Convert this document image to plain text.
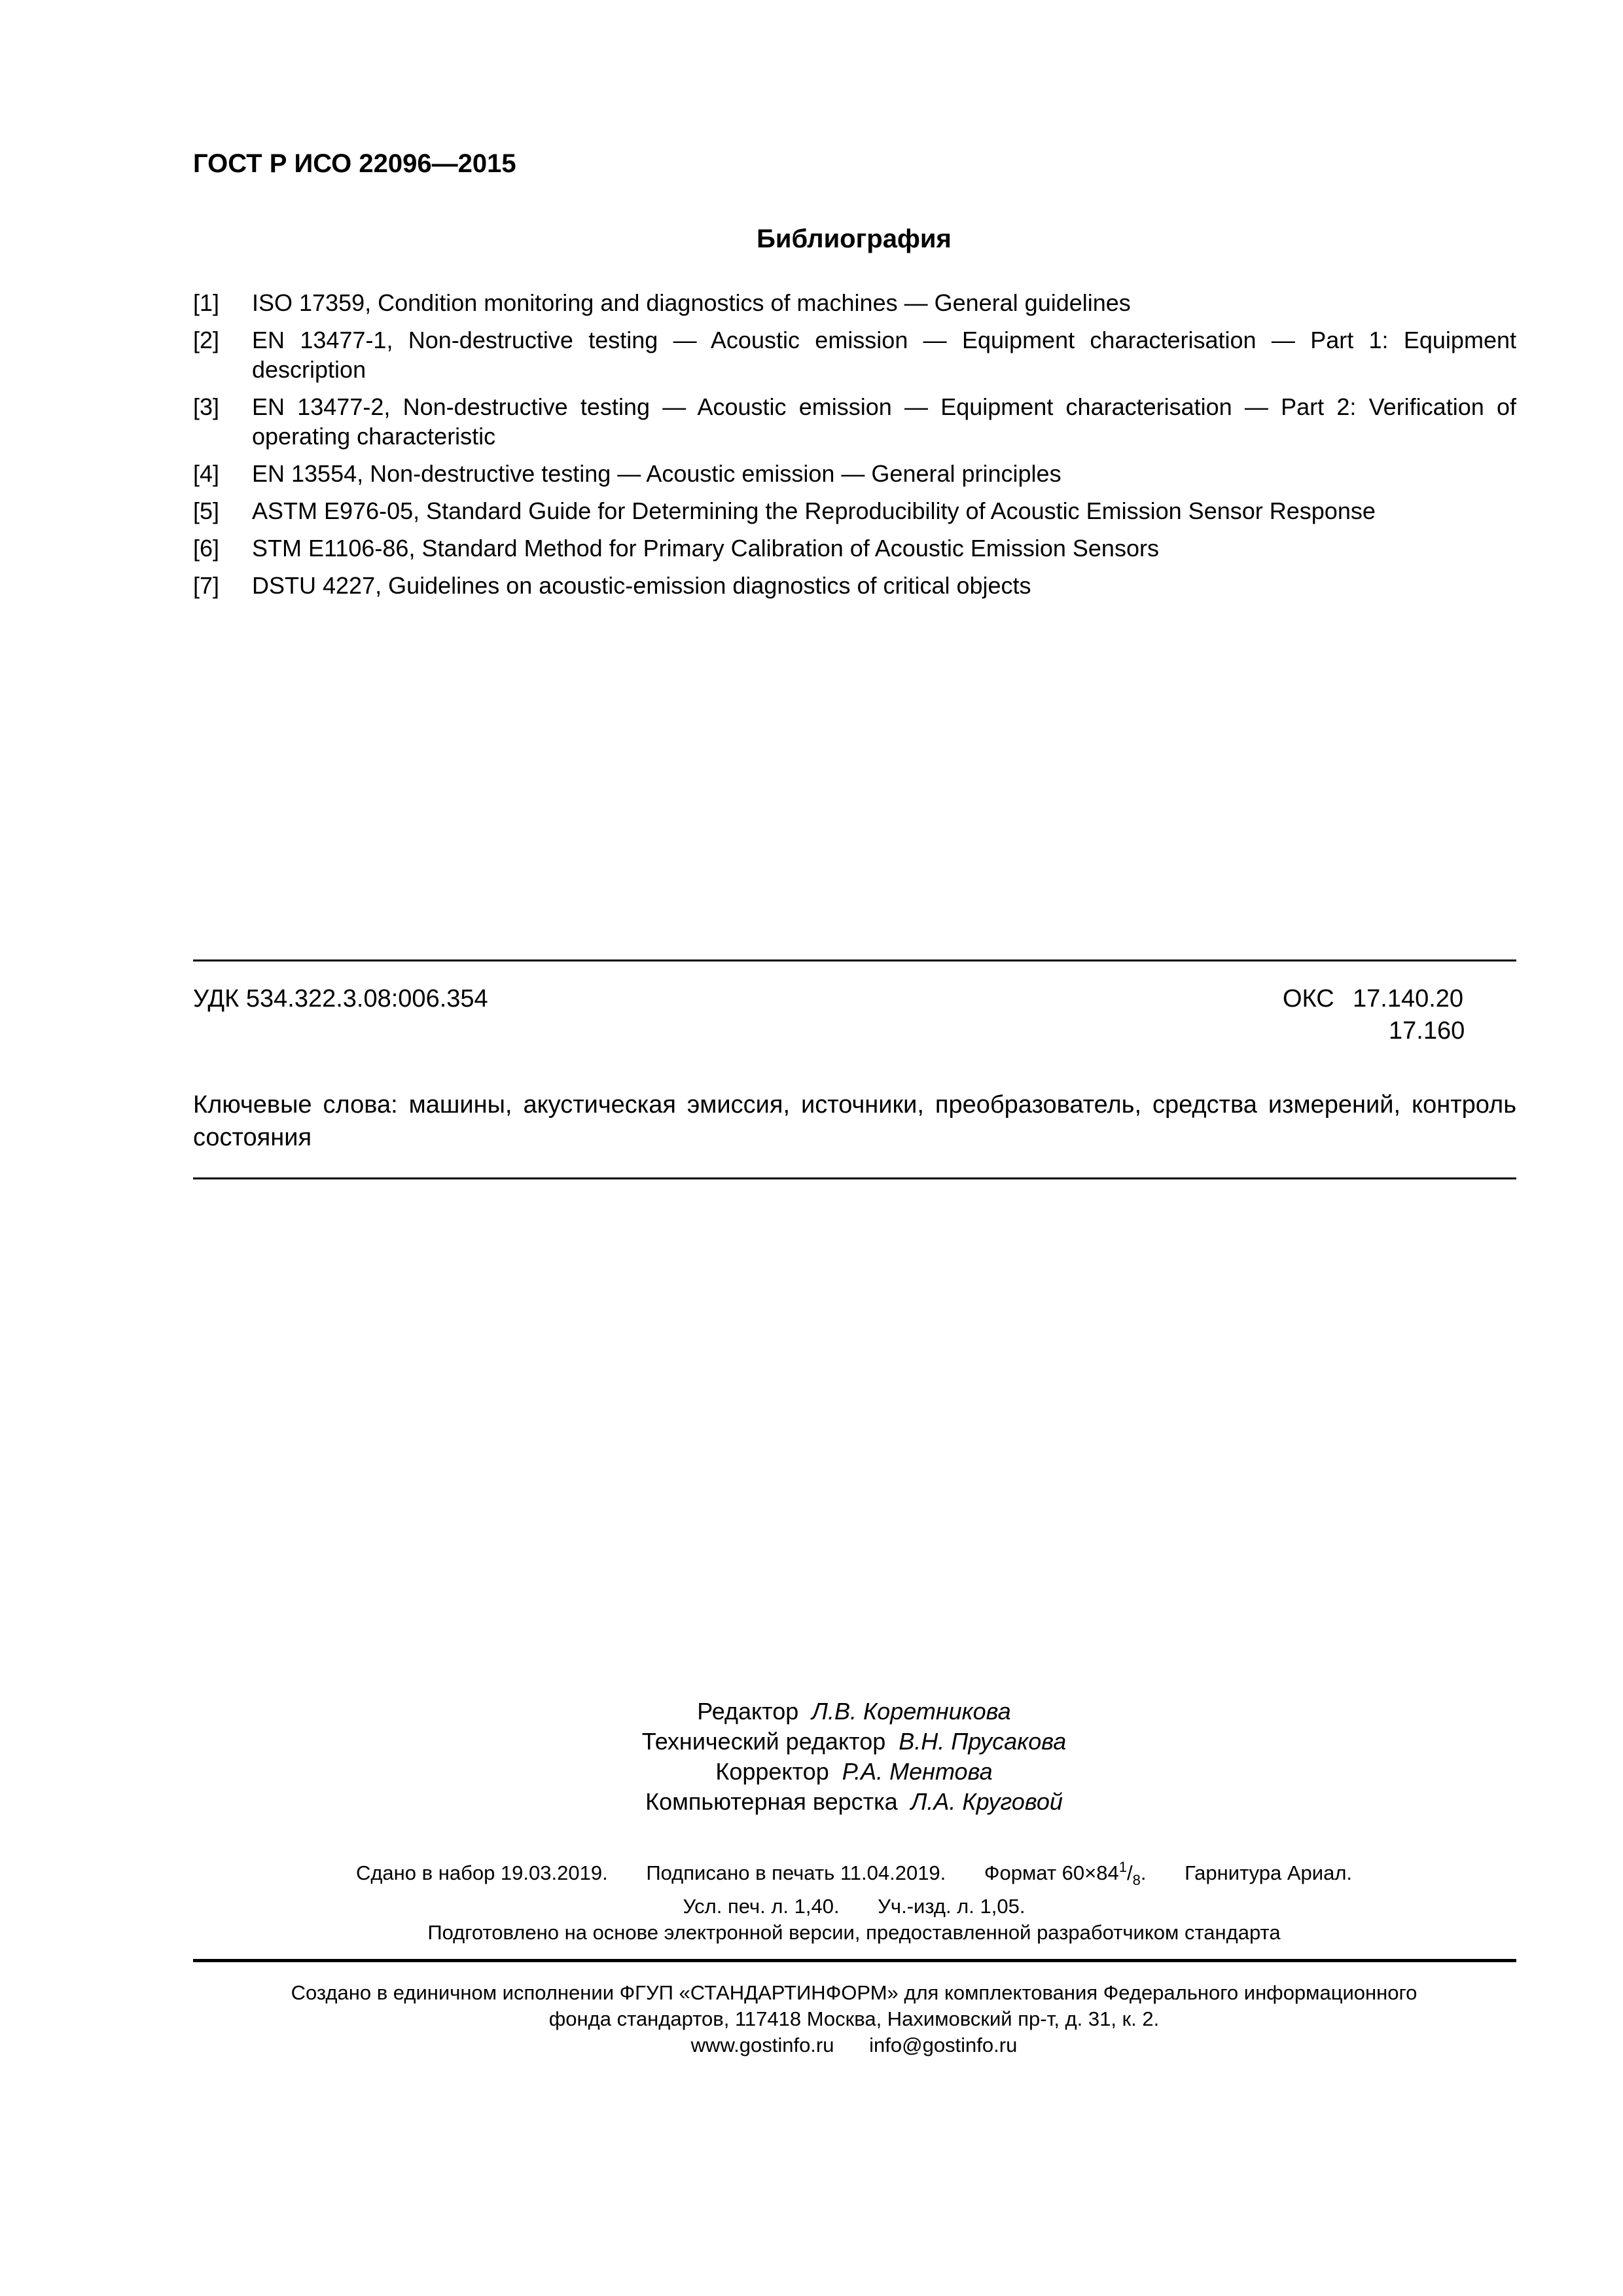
ГОСТ Р ИСО 22096—2015
Библиография
[1]	ISO 17359, Condition monitoring and diagnostics of machines — General guidelines
[2]	EN 13477-1, Non-destructive testing — Acoustic emission — Equipment characterisation — Part 1: Equipment description
[3]	EN 13477-2, Non-destructive testing — Acoustic emission — Equipment characterisation — Part 2: Verification of operating characteristic
[4]	EN 13554, Non-destructive testing — Acoustic emission — General principles
[5]	ASTM E976-05, Standard Guide for Determining the Reproducibility of Acoustic Emission Sensor Response
[6]	STM E1106-86, Standard Method for Primary Calibration of Acoustic Emission Sensors
[7]	DSTU 4227, Guidelines on acoustic-emission diagnostics of critical objects
УДК 534.322.3.08:006.354	ОКС 17.140.20
17.160
Ключевые слова: машины, акустическая эмиссия, источники, преобразователь, средства измерений, контроль состояния
Редактор Л.В. Коретникова
Технический редактор В.Н. Прусакова
Корректор Р.А. Ментова
Компьютерная верстка Л.А. Круговой
Сдано в набор 19.03.2019. Подписано в печать 11.04.2019. Формат $60\times 84^1/_8$. Гарнитура Ариал.
Усл. печ. л. 1,40. Уч.-изд. л. 1,05.
Подготовлено на основе электронной версии, предоставленной разработчиком стандарта
Создано в единичном исполнении ФГУП «СТАНДАРТИНФОРМ» для комплектования Федерального информационного
фонда стандартов, 117418 Москва, Нахимовский пр-т, д. 31, к. 2.
www.gostinfo.ru info@gostinfo.ru
